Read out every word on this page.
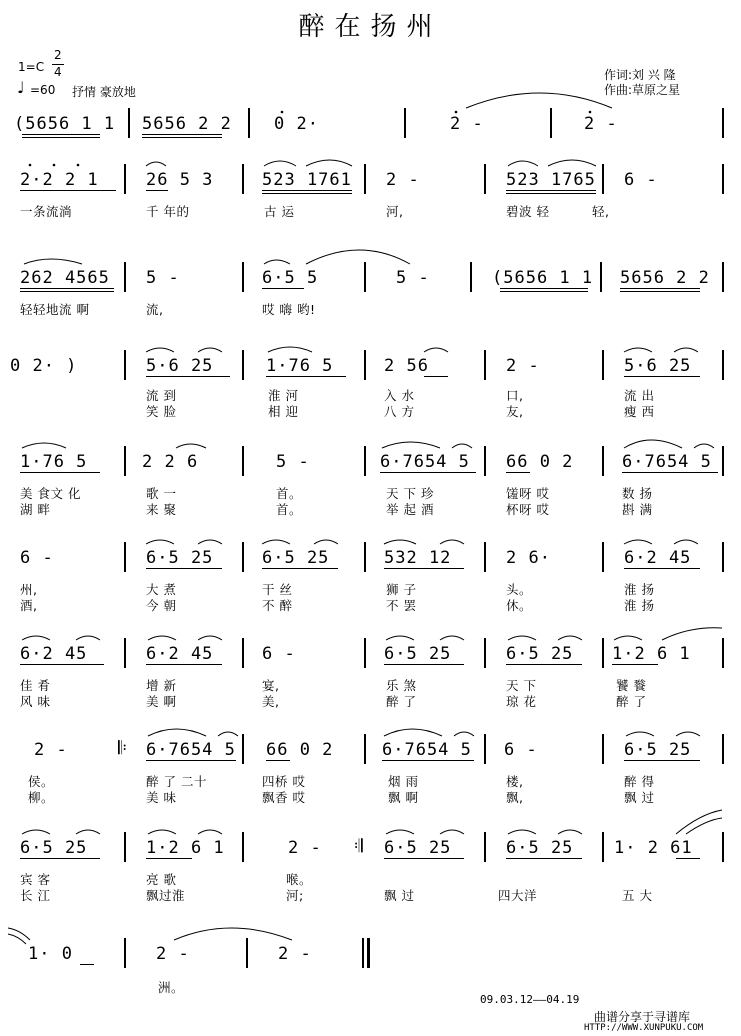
醉在扬州
1=C
2
4
♩ =60 抒情 豪放地
作词:刘 兴 隆
作曲:草原之星
(5656 1 1 5656 2 2 0 2·	2 -	2 -
2·2 2 1	26 5 3	523 1761 2 -	523 1765 6 -
一条流淌	千 年的	古 运	河,	碧波 轻	轻,
262 4565 5 -	6·5 5	5 -	(5656 1 1 5656 2 2
轻轻地流 啊	流,	哎 嗨 哟!
0 2· )	5·6 25	1·76 5	2 56	2 -	5·6 25
流 到	淮 河	入 水	口,	流 出
笑 脸	相 迎	八 方	友,	瘦 西
1·76 5	2 2 6	5 -	6·7654 5 66 0 2	6·7654 5
美 食文 化	歌 一	首。	天 下 珍	馐呀 哎	数 扬
湖 畔	来 聚	首。	举 起 酒	杯呀 哎	斟 满
6 -	6·5 25	6·5 25	532 12	2 6·	6·2 45
州,	大 煮	干 丝	狮 子	头。	淮 扬
酒,	今 朝	不 醉	不 罢	休。	淮 扬
6·2 45	6·2 45	6 -	6·5 25	6·5 25 1·2 6 1
佳 肴	增 新	宴,	乐 煞	天 下	饕 餮
风 味	美 啊	美,	醉 了	琼 花	醉 了
2 -	𝄆 6·7654 5 66 0 2	6·7654 5 6 -	6·5 25
侯。	醉 了 二十	四桥 哎	烟 雨	楼,	醉 得
柳。	美 味	飘香 哎	飘 啊	飘,	飘 过
6·5 25	1·2 6 1	2 - 𝄇 6·5 25	6·5 25 1· 2 61
宾 客	亮 歌	喉。
长 江	飘过淮	河;	飘 过	四大洋	五 大
1· 0	2 -	2 -
洲。
09.03.12——04.19
曲谱分享于寻谱库
HTTP://WWW.XUNPUKU.COM
